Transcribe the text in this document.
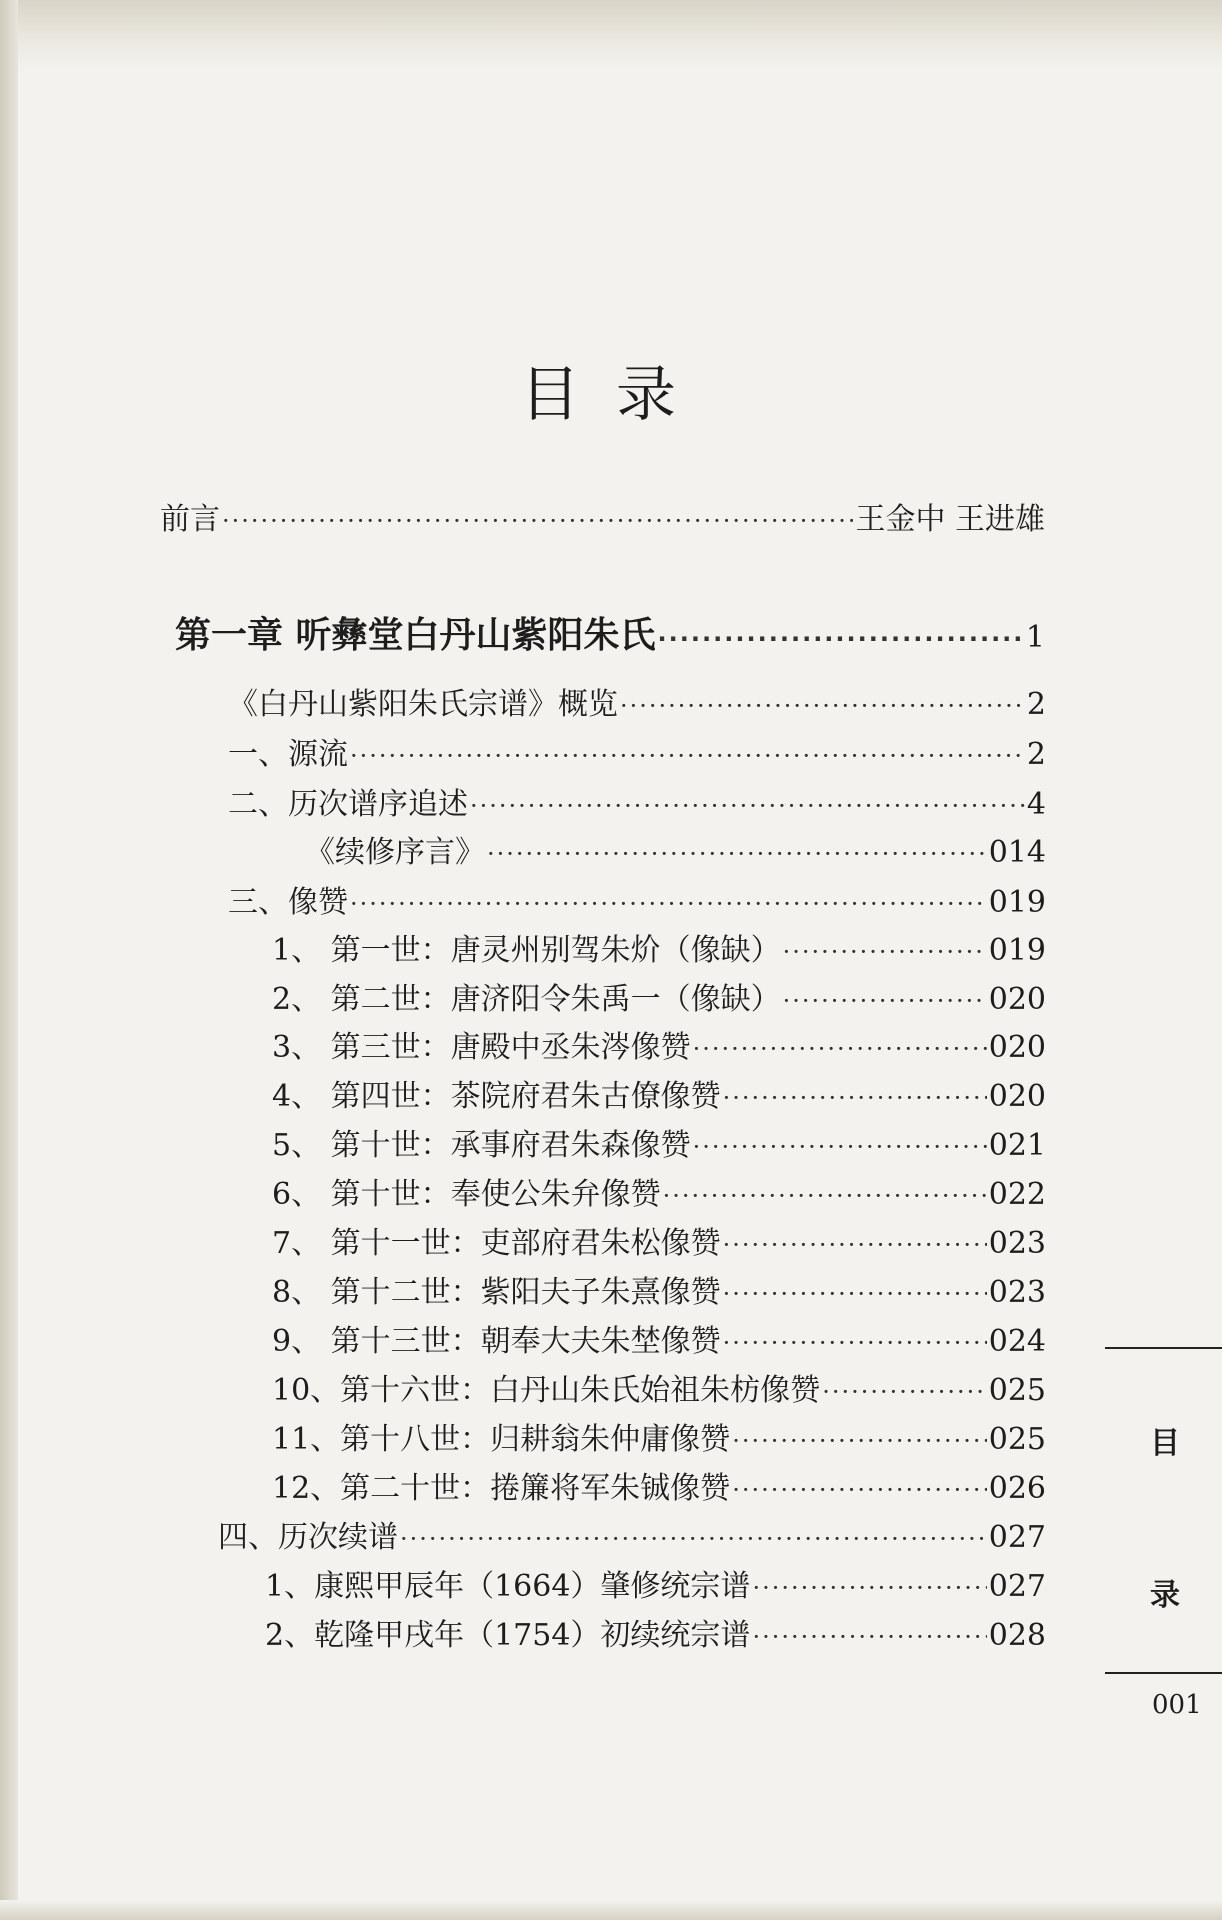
目录
前言 ·····	王金中 王进雄
第一章 听彝堂白丹山紫阳朱氏 ·····	1
《白丹山紫阳朱氏宗谱》概览 ·····	2
一、源流 ·····	2
二、历次谱序追述 ·····	4
《续修序言》 ·····	014
三、像赞 ·····	019
1、 第一世：唐灵州别驾朱炌（像缺） ·····	019
2、 第二世：唐济阳令朱禹一（像缺） ·····	020
3、 第三世：唐殿中丞朱涔像赞 ·····	020
4、 第四世：茶院府君朱古僚像赞 ·····	020
5、 第十世：承事府君朱森像赞 ·····	021
6、 第十世：奉使公朱弁像赞 ·····	022
7、 第十一世：吏部府君朱松像赞 ·····	023
8、 第十二世：紫阳夫子朱熹像赞 ·····	023
9、 第十三世：朝奉大夫朱埜像赞 ·····	024
10、第十六世：白丹山朱氏始祖朱枋像赞 ·····	025
11、第十八世：归耕翁朱仲庸像赞 ·····	025
12、第二十世：捲簾将军朱铖像赞 ·····	026
四、历次续谱 ·····	027
1、康熙甲辰年（1664）肇修统宗谱 ·····	027
2、乾隆甲戌年（1754）初续统宗谱 ·····	028
目
录
001
